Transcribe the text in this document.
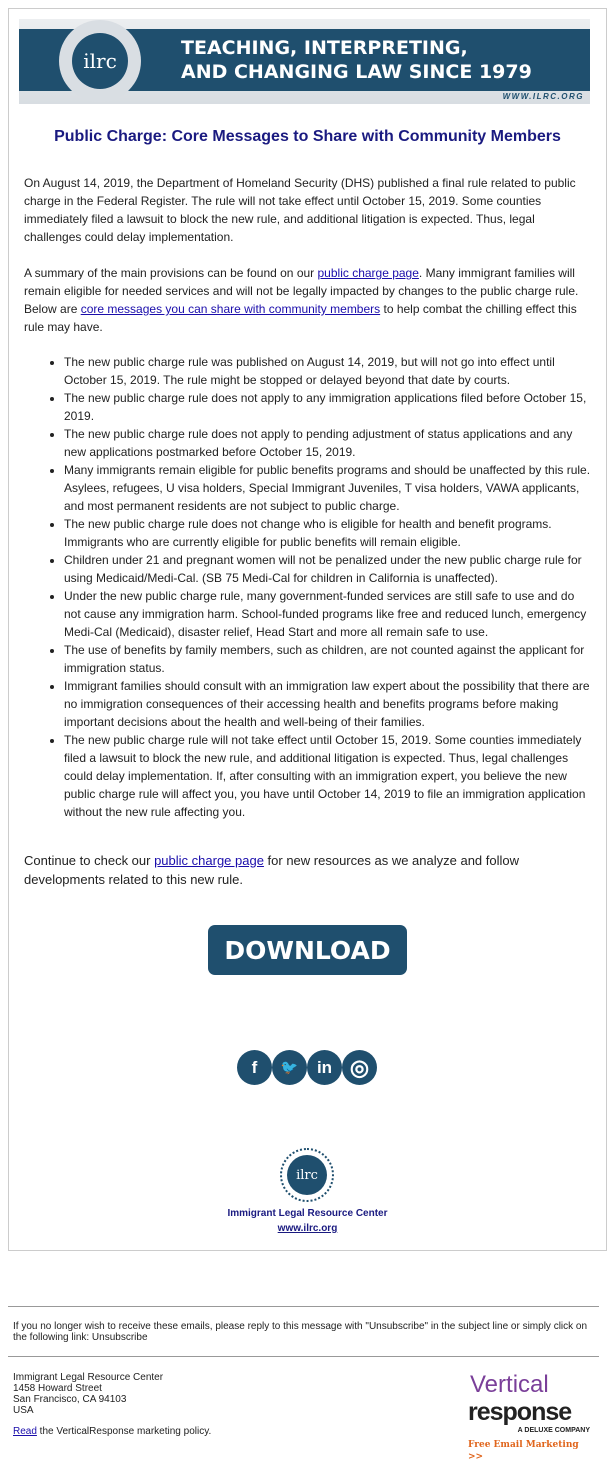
ilrc
TEACHING, INTERPRETING,
AND CHANGING LAW SINCE 1979
WWW.ILRC.ORG
Public Charge: Core Messages to Share with Community Members
On August 14, 2019, the Department of Homeland Security (DHS) published a final rule related to public charge in the Federal Register. The rule will not take effect until October 15, 2019. Some counties immediately filed a lawsuit to block the new rule, and additional litigation is expected. Thus, legal challenges could delay implementation.
A summary of the main provisions can be found on our public charge page. Many immigrant families will remain eligible for needed services and will not be legally impacted by changes to the public charge rule. Below are core messages you can share with community members to help combat the chilling effect this rule may have.
• The new public charge rule was published on August 14, 2019, but will not go into effect until October 15, 2019. The rule might be stopped or delayed beyond that date by courts.
• The new public charge rule does not apply to any immigration applications filed before October 15, 2019.
• The new public charge rule does not apply to pending adjustment of status applications and any new applications postmarked before October 15, 2019.
• Many immigrants remain eligible for public benefits programs and should be unaffected by this rule. Asylees, refugees, U visa holders, Special Immigrant Juveniles, T visa holders, VAWA applicants, and most permanent residents are not subject to public charge.
• The new public charge rule does not change who is eligible for health and benefit programs. Immigrants who are currently eligible for public benefits will remain eligible.
• Children under 21 and pregnant women will not be penalized under the new public charge rule for using Medicaid/Medi-Cal. (SB 75 Medi-Cal for children in California is unaffected).
• Under the new public charge rule, many government-funded services are still safe to use and do not cause any immigration harm. School-funded programs like free and reduced lunch, emergency Medi-Cal (Medicaid), disaster relief, Head Start and more all remain safe to use.
• The use of benefits by family members, such as children, are not counted against the applicant for immigration status.
• Immigrant families should consult with an immigration law expert about the possibility that there are no immigration consequences of their accessing health and benefits programs before making important decisions about the health and well-being of their families.
• The new public charge rule will not take effect until October 15, 2019. Some counties immediately filed a lawsuit to block the new rule, and additional litigation is expected. Thus, legal challenges could delay implementation. If, after consulting with an immigration expert, you believe the new public charge rule will affect you, you have until October 14, 2019 to file an immigration application without the new rule affecting you.
Continue to check our public charge page for new resources as we analyze and follow developments related to this new rule.
DOWNLOAD
f	🐦	in ◎
ilrc
Immigrant Legal Resource Center
www.ilrc.org
If you no longer wish to receive these emails, please reply to this message with "Unsubscribe" in the subject line or simply click on the following link: Unsubscribe
Immigrant Legal Resource Center
1458 Howard Street
San Francisco, CA 94103
USA
Read the VerticalResponse marketing policy.
Vertical
response
A DELUXE COMPANY
Free Email Marketing >>
